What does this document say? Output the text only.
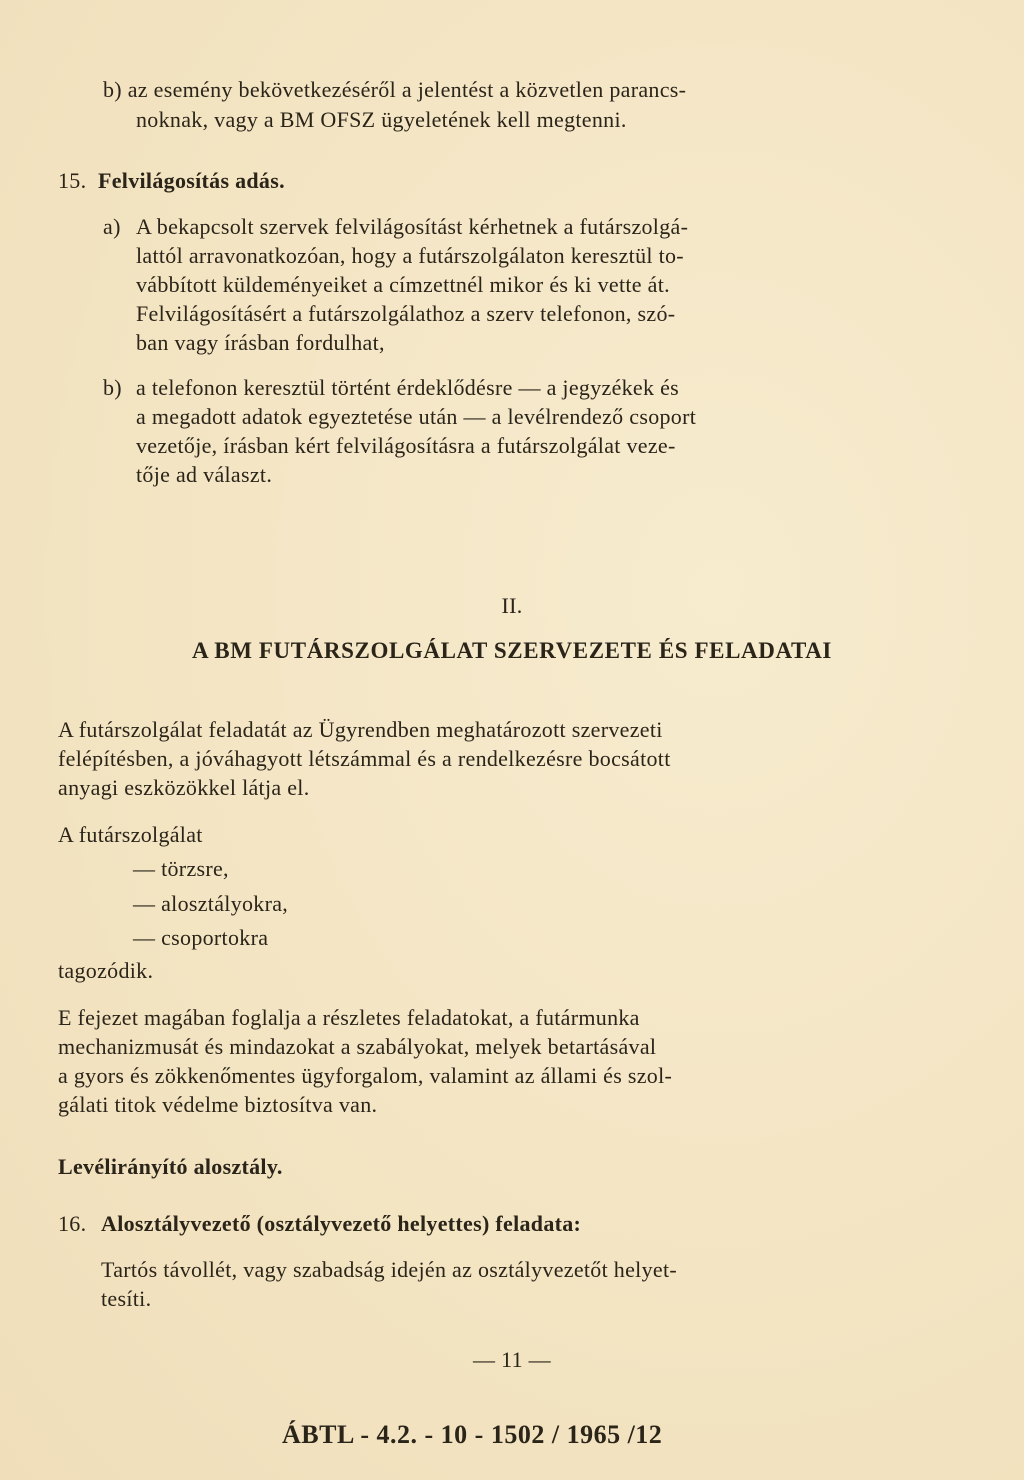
b) az esemény bekövetkezéséről a jelentést a közvetlen parancs-
noknak, vagy a BM OFSZ ügyeletének kell megtenni.
15. Felvilágosítás adás.
a) A bekapcsolt szervek felvilágosítást kérhetnek a futárszolgá-
lattól arravonatkozóan, hogy a futárszolgálaton keresztül to-
vábbított küldeményeiket a címzettnél mikor és ki vette át.
Felvilágosításért a futárszolgálathoz a szerv telefonon, szó-
ban vagy írásban fordulhat,
b) a telefonon keresztül történt érdeklődésre — a jegyzékek és
a megadott adatok egyeztetése után — a levélrendező csoport
vezetője, írásban kért felvilágosításra a futárszolgálat veze-
tője ad választ.
II.
A BM FUTÁRSZOLGÁLAT SZERVEZETE ÉS FELADATAI
A futárszolgálat feladatát az Ügyrendben meghatározott szervezeti
felépítésben, a jóváhagyott létszámmal és a rendelkezésre bocsátott
anyagi eszközökkel látja el.
A futárszolgálat
— törzsre,
— alosztályokra,
— csoportokra
tagozódik.
E fejezet magában foglalja a részletes feladatokat, a futármunka
mechanizmusát és mindazokat a szabályokat, melyek betartásával
a gyors és zökkenőmentes ügyforgalom, valamint az állami és szol-
gálati titok védelme biztosítva van.
Levélirányító alosztály.
16. Alosztályvezető (osztályvezető helyettes) feladata:
Tartós távollét, vagy szabadság idején az osztályvezetőt helyet-
tesíti.
— 11 —
ÁBTL - 4.2. - 10 - 1502 / 1965 /12
